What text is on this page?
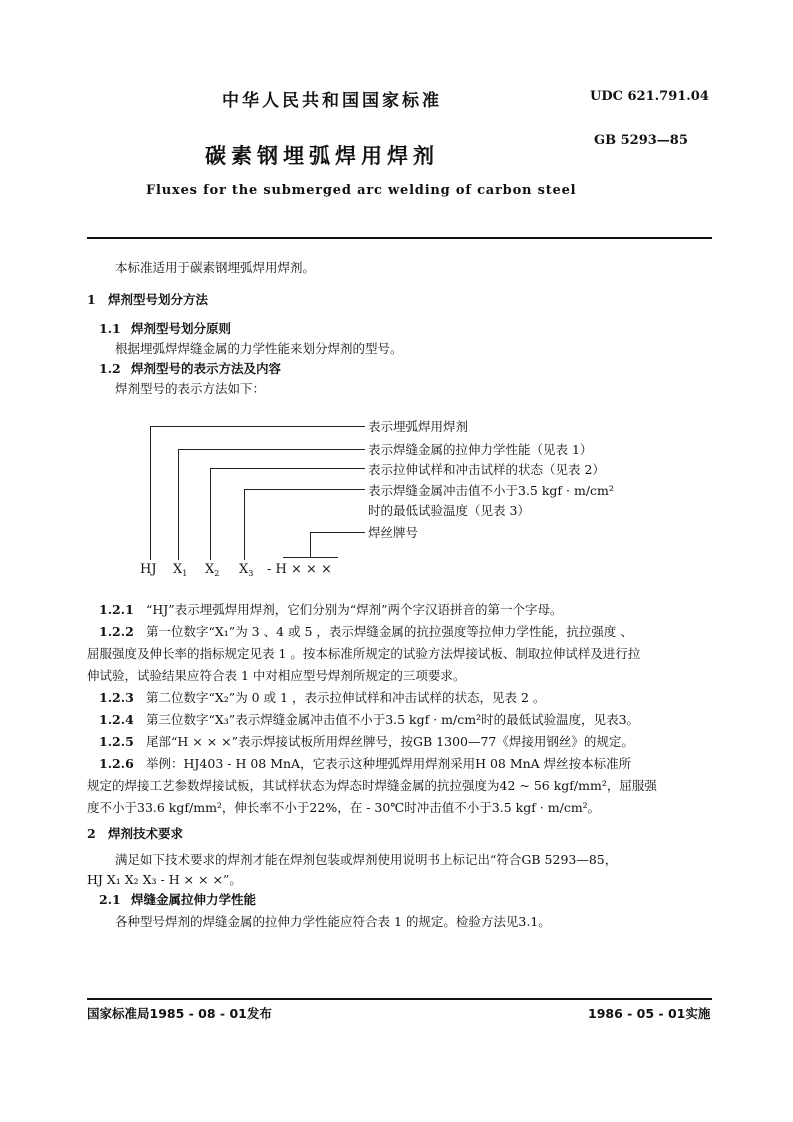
中华人民共和国国家标准	UDC 621.791.04
碳素钢埋弧焊用焊剂
GB 5293—85
Fluxes for the submerged arc welding of carbon steel
本标准适用于碳素钢埋弧焊用焊剂。
1 焊剂型号划分方法
1.1 焊剂型号划分原则
根据埋弧焊焊缝金属的力学性能来划分焊剂的型号。
1.2 焊剂型号的表示方法及内容
焊剂型号的表示方法如下：
表示埋弧焊用焊剂
表示焊缝金属的拉伸力学性能（见表 1）
表示拉伸试样和冲击试样的状态（见表 2）
表示焊缝金属冲击值不小于3.5 kgf · m/cm²
时的最低试验温度（见表 3）
焊丝牌号
HJ $X_1$ $X_2$ $X_3$ - H × × ×
1.2.1 “HJ”表示埋弧焊用焊剂，它们分别为“焊剂”两个字汉语拼音的第一个字母。
1.2.2 第一位数字“X₁”为 3 、4 或 5 ，表示焊缝金属的抗拉强度等拉伸力学性能，抗拉强度 、
屈服强度及伸长率的指标规定见表 1 。按本标准所规定的试验方法焊接试板、制取拉伸试样及进行拉
伸试验，试验结果应符合表 1 中对相应型号焊剂所规定的三项要求。
1.2.3 第二位数字“X₂”为 0 或 1 ，表示拉伸试样和冲击试样的状态，见表 2 。
1.2.4 第三位数字“X₃”表示焊缝金属冲击值不小于3.5 kgf · m/cm²时的最低试验温度，见表3。
1.2.5 尾部“H × × ×”表示焊接试板所用焊丝牌号，按GB 1300—77《焊接用钢丝》的规定。
1.2.6 举例：HJ403 - H 08 MnA，它表示这种埋弧焊用焊剂采用H 08 MnA 焊丝按本标准所
规定的焊接工艺参数焊接试板，其试样状态为焊态时焊缝金属的抗拉强度为42 ~ 56 kgf/mm²，屈服强
度不小于33.6 kgf/mm²，伸长率不小于22%，在 - 30℃时冲击值不小于3.5 kgf · m/cm²。
2 焊剂技术要求
满足如下技术要求的焊剂才能在焊剂包装或焊剂使用说明书上标记出“符合GB 5293—85，
HJ X₁ X₂ X₃ - H × × ×”。
2.1 焊缝金属拉伸力学性能
各种型号焊剂的焊缝金属的拉伸力学性能应符合表 1 的规定。检验方法见3.1。
国家标准局1985 - 08 - 01发布	1986 - 05 - 01实施
